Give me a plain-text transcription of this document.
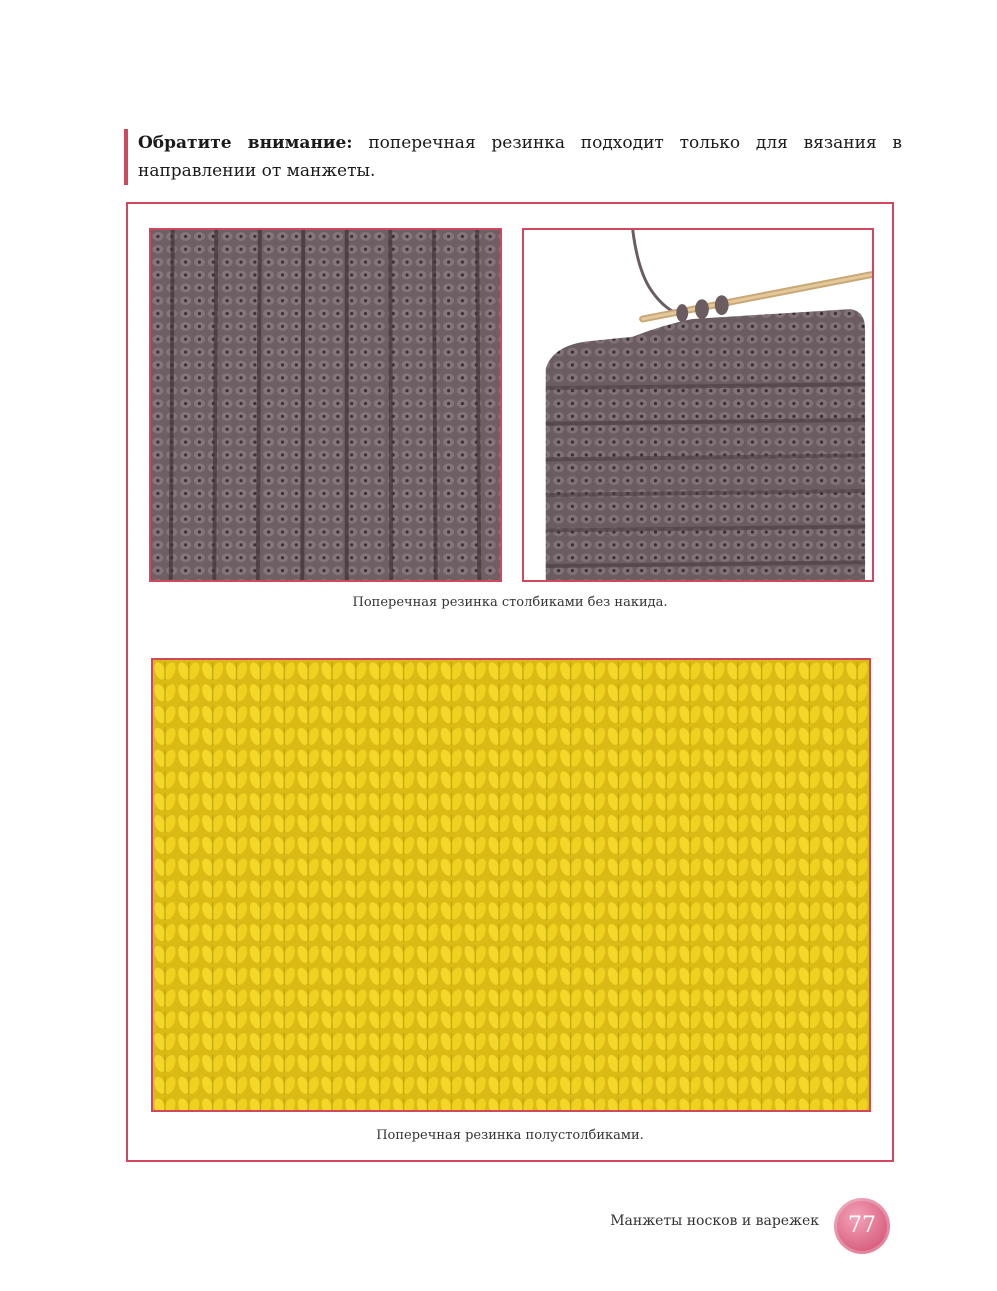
Обратите внимание: поперечная резинка подходит только для вязания в направлении от манжеты.
Поперечная резинка столбиками без накида.
Поперечная резинка полустолбиками.
Манжеты носков и варежек	77
